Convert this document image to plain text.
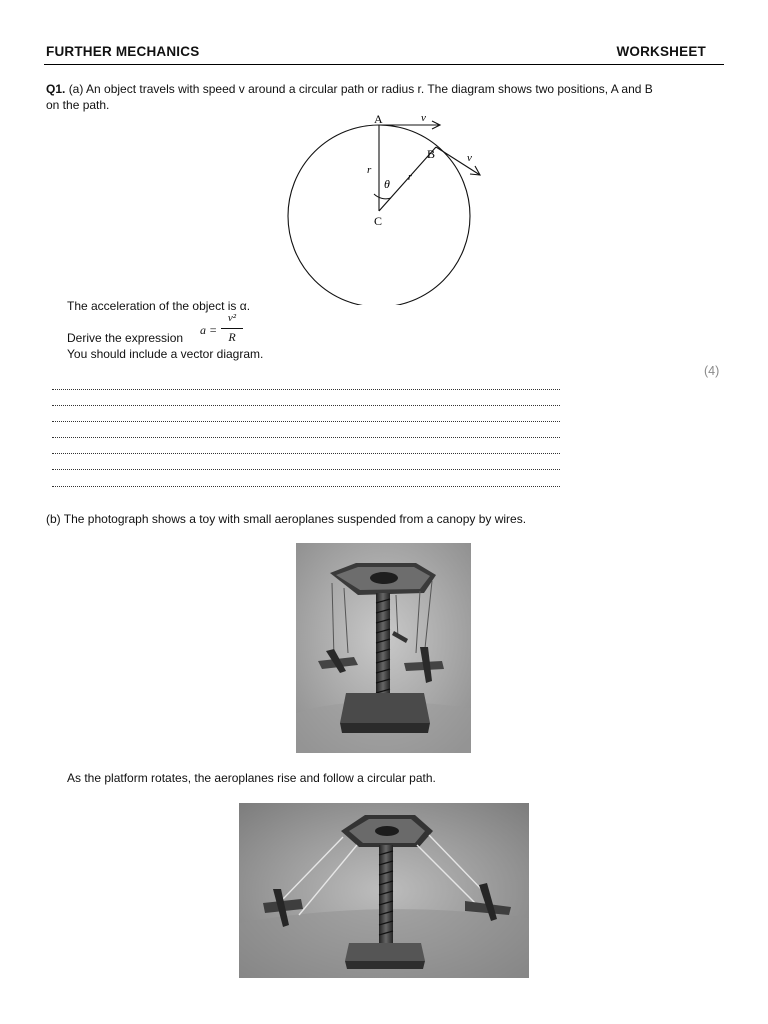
FURTHER MECHANICS	WORKSHEET
Q1. (a) An object travels with speed v around a circular path or radius r. The diagram shows two positions, A and B
on the path.
A
B
C
r
r
θ
v
v
The acceleration of the object is α.
Derive the expression
a =
v²
R
You should include a vector diagram.
(4)
(b) The photograph shows a toy with small aeroplanes suspended from a canopy by wires.
As the platform rotates, the aeroplanes rise and follow a circular path.
